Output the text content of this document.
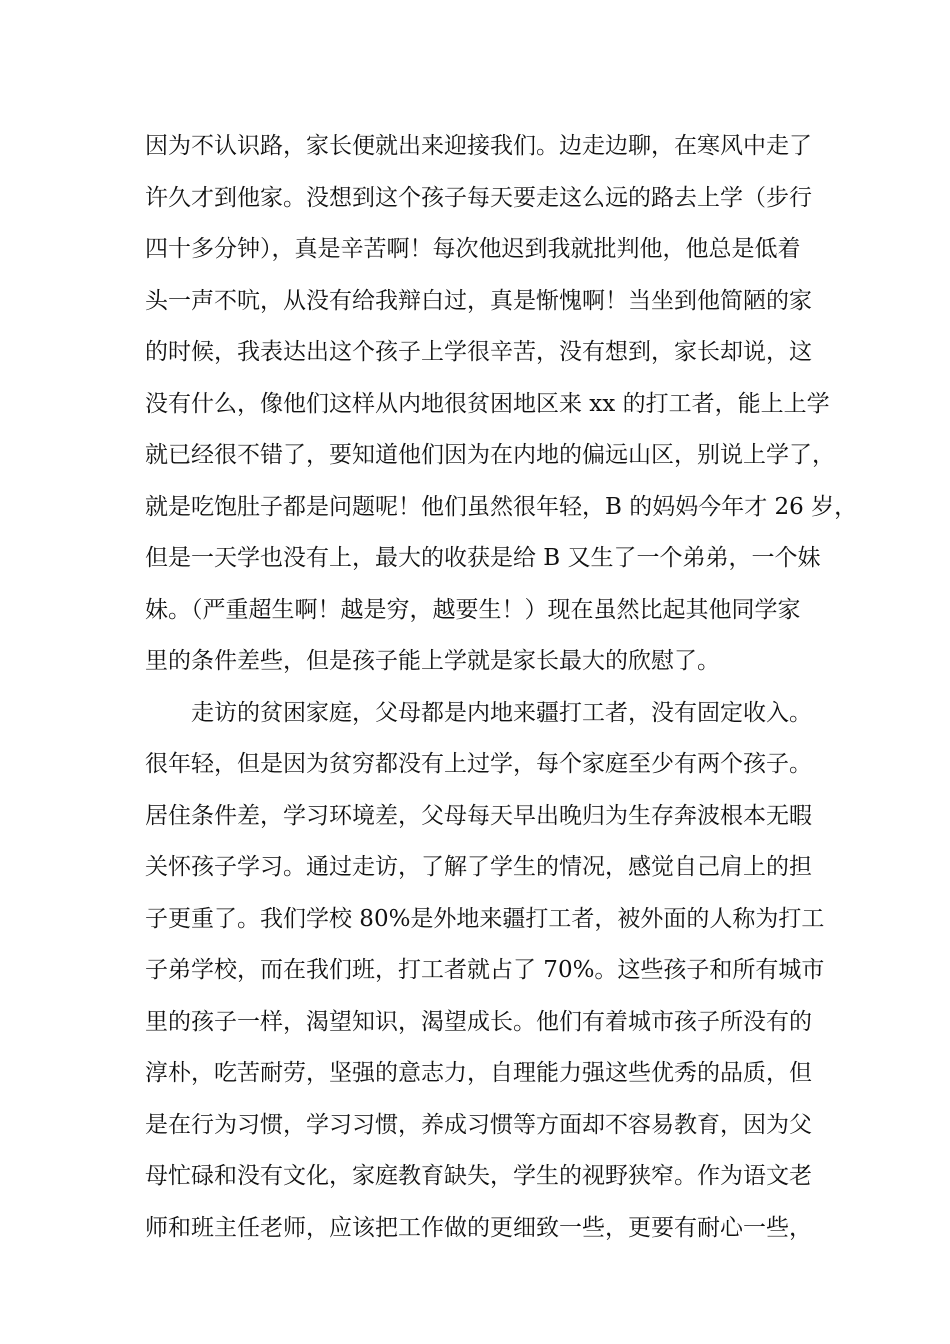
因为不认识路，家长便就出来迎接我们。边走边聊，在寒风中走了
许久才到他家。没想到这个孩子每天要走这么远的路去上学（步行
四十多分钟），真是辛苦啊！每次他迟到我就批判他，他总是低着
头一声不吭，从没有给我辩白过，真是惭愧啊！当坐到他简陋的家
的时候，我表达出这个孩子上学很辛苦，没有想到，家长却说，这
没有什么，像他们这样从内地很贫困地区来 xx 的打工者，能上上学
就已经很不错了，要知道他们因为在内地的偏远山区，别说上学了，
就是吃饱肚子都是问题呢！他们虽然很年轻，B 的妈妈今年才 26 岁，
但是一天学也没有上，最大的收获是给 B 又生了一个弟弟，一个妹
妹。（严重超生啊！越是穷，越要生！）现在虽然比起其他同学家
里的条件差些，但是孩子能上学就是家长最大的欣慰了。
走访的贫困家庭，父母都是内地来疆打工者，没有固定收入。
很年轻，但是因为贫穷都没有上过学，每个家庭至少有两个孩子。
居住条件差，学习环境差，父母每天早出晚归为生存奔波根本无暇
关怀孩子学习。通过走访，了解了学生的情况，感觉自己肩上的担
子更重了。我们学校 80%是外地来疆打工者，被外面的人称为打工
子弟学校，而在我们班，打工者就占了 70%。这些孩子和所有城市
里的孩子一样，渴望知识，渴望成长。他们有着城市孩子所没有的
淳朴，吃苦耐劳，坚强的意志力，自理能力强这些优秀的品质，但
是在行为习惯，学习习惯，养成习惯等方面却不容易教育，因为父
母忙碌和没有文化，家庭教育缺失，学生的视野狭窄。作为语文老
师和班主任老师，应该把工作做的更细致一些，更要有耐心一些，
